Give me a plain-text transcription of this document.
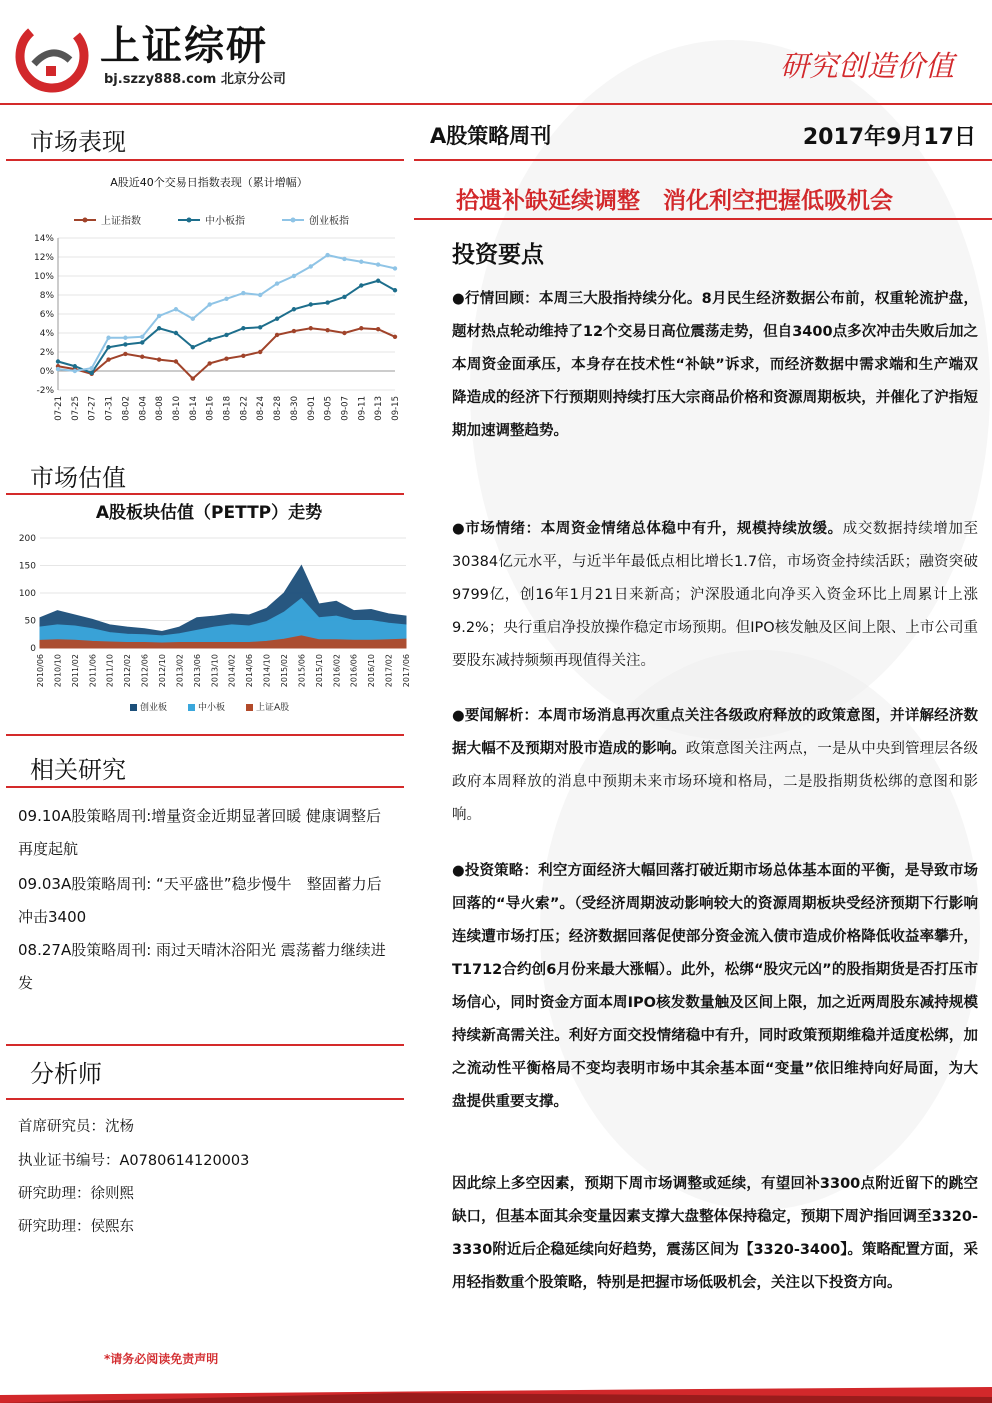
上证综研
bj.szzy888.com 北京分公司	研究创造价值
市场表现
A股近40个交易日指数表现（累计增幅）
上证指数	中小板指	创业板指
-2%
0%
2%
4%
6%
8%
10%
12%
14%
07-21 07-25 07-27 07-31 08-02 08-04 08-08 08-10 08-14 08-16 08-18 08-22 08-24 08-28 08-30 09-01 09-05 09-07 09-11 09-13 09-15
市场估值
A股板块估值（PETTP）走势
0
50
100
150
200
2010/06 2010/10 2011/02 2011/06 2011/10 2012/02 2012/06 2012/10 2013/02 2013/06 2013/10 2014/02 2014/06 2014/10 2015/02 2015/06 2015/10 2016/02 2016/06 2016/10 2017/02 2017/06
创业板	中小板	上证A股
相关研究
09.10A股策略周刊:增量资金近期显著回暖 健康调整后再度起航
09.03A股策略周刊: “天平盛世”稳步慢牛　整固蓄力后冲击3400
08.27A股策略周刊: 雨过天晴沐浴阳光 震荡蓄力继续进发
分析师
首席研究员：沈杨
执业证书编号：A0780614120003
研究助理：徐则熙
研究助理：侯熙东
*请务必阅读免责声明
A股策略周刊	2017年9月17日
拾遗补缺延续调整　消化利空把握低吸机会
投资要点
●行情回顾：本周三大股指持续分化。8月民生经济数据公布前，权重轮流护盘，题材热点轮动维持了12个交易日高位震荡走势，但自3400点多次冲击失败后加之本周资金面承压，本身存在技术性“补缺”诉求，而经济数据中需求端和生产端双降造成的经济下行预期则持续打压大宗商品价格和资源周期板块，并催化了沪指短期加速调整趋势。
●市场情绪：本周资金情绪总体稳中有升，规模持续放缓。成交数据持续增加至30384亿元水平，与近半年最低点相比增长1.7倍，市场资金持续活跃；融资突破9799亿，创16年1月21日来新高；沪深股通北向净买入资金环比上周累计上涨9.2%；央行重启净投放操作稳定市场预期。但IPO核发触及区间上限、上市公司重要股东减持频频再现值得关注。
●要闻解析：本周市场消息再次重点关注各级政府释放的政策意图，并详解经济数据大幅不及预期对股市造成的影响。政策意图关注两点，一是从中央到管理层各级政府本周释放的消息中预期未来市场环境和格局，二是股指期货松绑的意图和影响。
●投资策略：利空方面经济大幅回落打破近期市场总体基本面的平衡，是导致市场回落的“导火索”。（受经济周期波动影响较大的资源周期板块受经济预期下行影响连续遭市场打压；经济数据回落促使部分资金流入债市造成价格降低收益率攀升，T1712合约创6月份来最大涨幅）。此外，松绑“股灾元凶”的股指期货是否打压市场信心，同时资金方面本周IPO核发数量触及区间上限，加之近两周股东减持规模持续新高需关注。利好方面交投情绪稳中有升，同时政策预期维稳并适度松绑，加之流动性平衡格局不变均表明市场中其余基本面“变量”依旧维持向好局面，为大盘提供重要支撑。
因此综上多空因素，预期下周市场调整或延续，有望回补3300点附近留下的跳空缺口，但基本面其余变量因素支撑大盘整体保持稳定，预期下周沪指回调至3320-3330附近后企稳延续向好趋势，震荡区间为【3320-3400】。策略配置方面，采用轻指数重个股策略，特别是把握市场低吸机会，关注以下投资方向。
